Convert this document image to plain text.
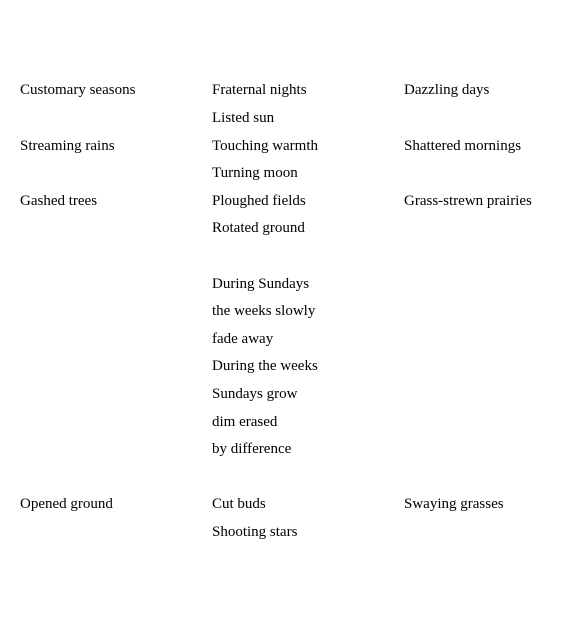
Customary seasons
Streaming rains
Gashed trees
Opened ground
Fraternal nights
Listed sun
Touching warmth
Turning moon
Ploughed fields
Rotated ground
During Sundays
the weeks slowly
fade away
During the weeks
Sundays grow
dim erased
by difference
Cut buds
Shooting stars
Dazzling days
Shattered mornings
Grass-strewn prairies
Swaying grasses
